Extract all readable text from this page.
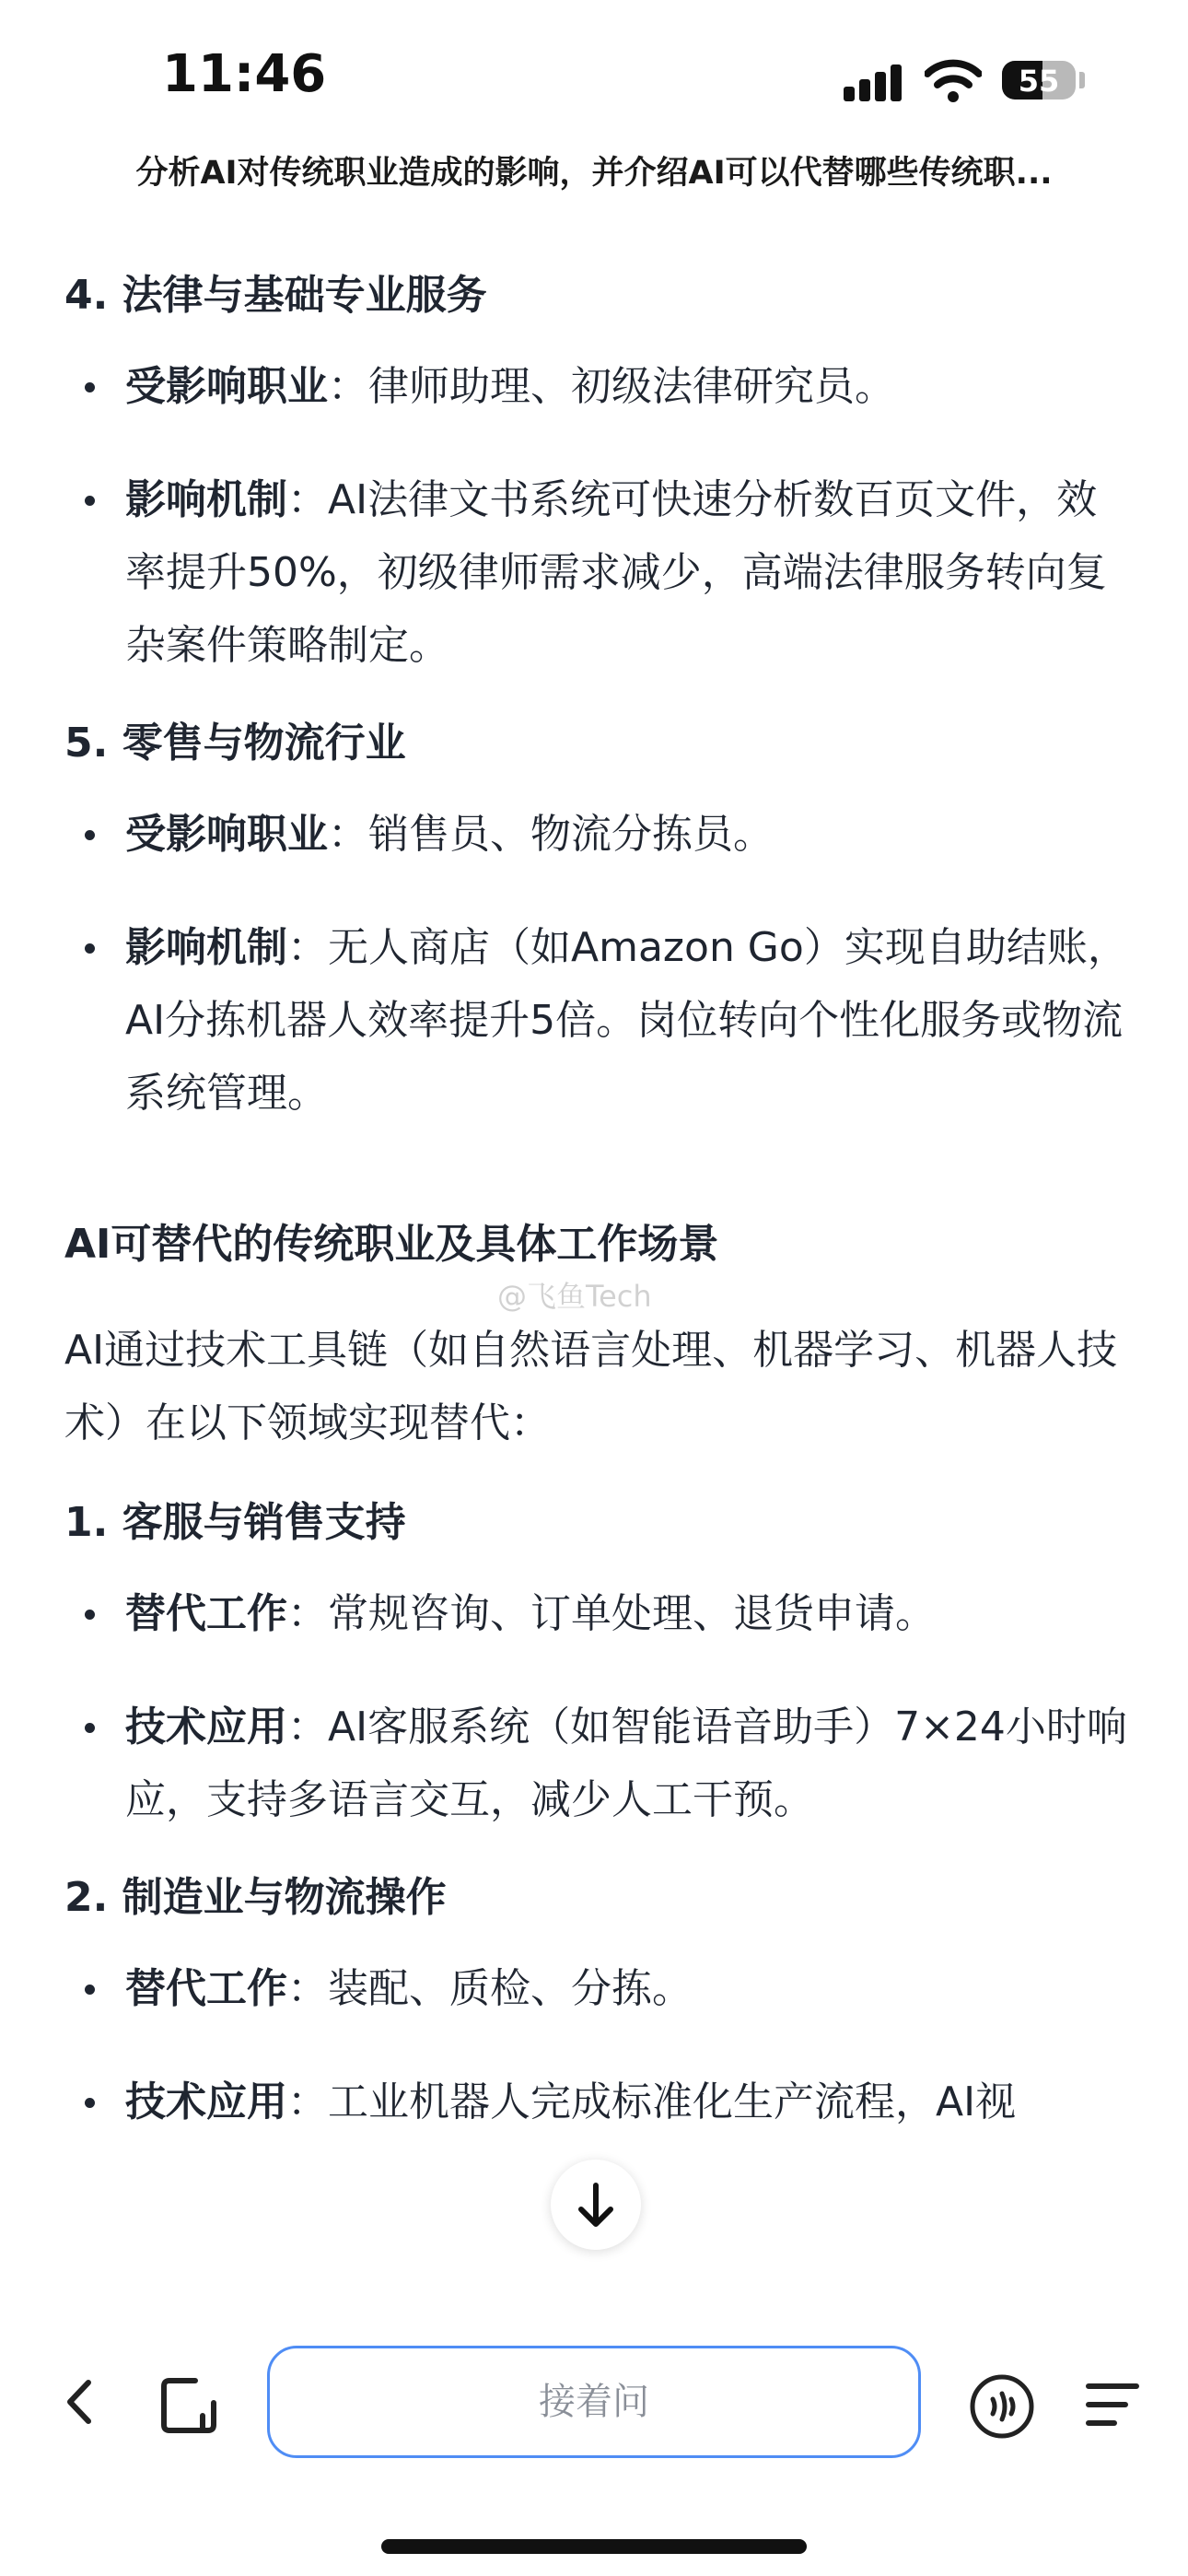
11:46	55
分析AI对传统职业造成的影响，并介绍AI可以代替哪些传统职...

4. 法律与基础专业服务

受影响职业：律师助理、初级法律研究员。
影响机制：AI法律文书系统可快速分析数百页文件，效率提升50%，初级律师需求减少，高端法律服务转向复杂案件策略制定。

5. 零售与物流行业

受影响职业：销售员、物流分拣员。
影响机制：无人商店（如Amazon Go）实现自助结账，AI分拣机器人效率提升5倍。岗位转向个性化服务或物流系统管理。

AI可替代的传统职业及具体工作场景

AI通过技术工具链（如自然语言处理、机器学习、机器人技术）在以下领域实现替代：

1. 客服与销售支持

替代工作：常规咨询、订单处理、退货申请。
技术应用：AI客服系统（如智能语音助手）7×24小时响应，支持多语言交互，减少人工干预。

2. 制造业与物流操作

替代工作：装配、质检、分拣。
技术应用：工业机器人完成标准化生产流程，AI视
@飞鱼Tech
接着问
